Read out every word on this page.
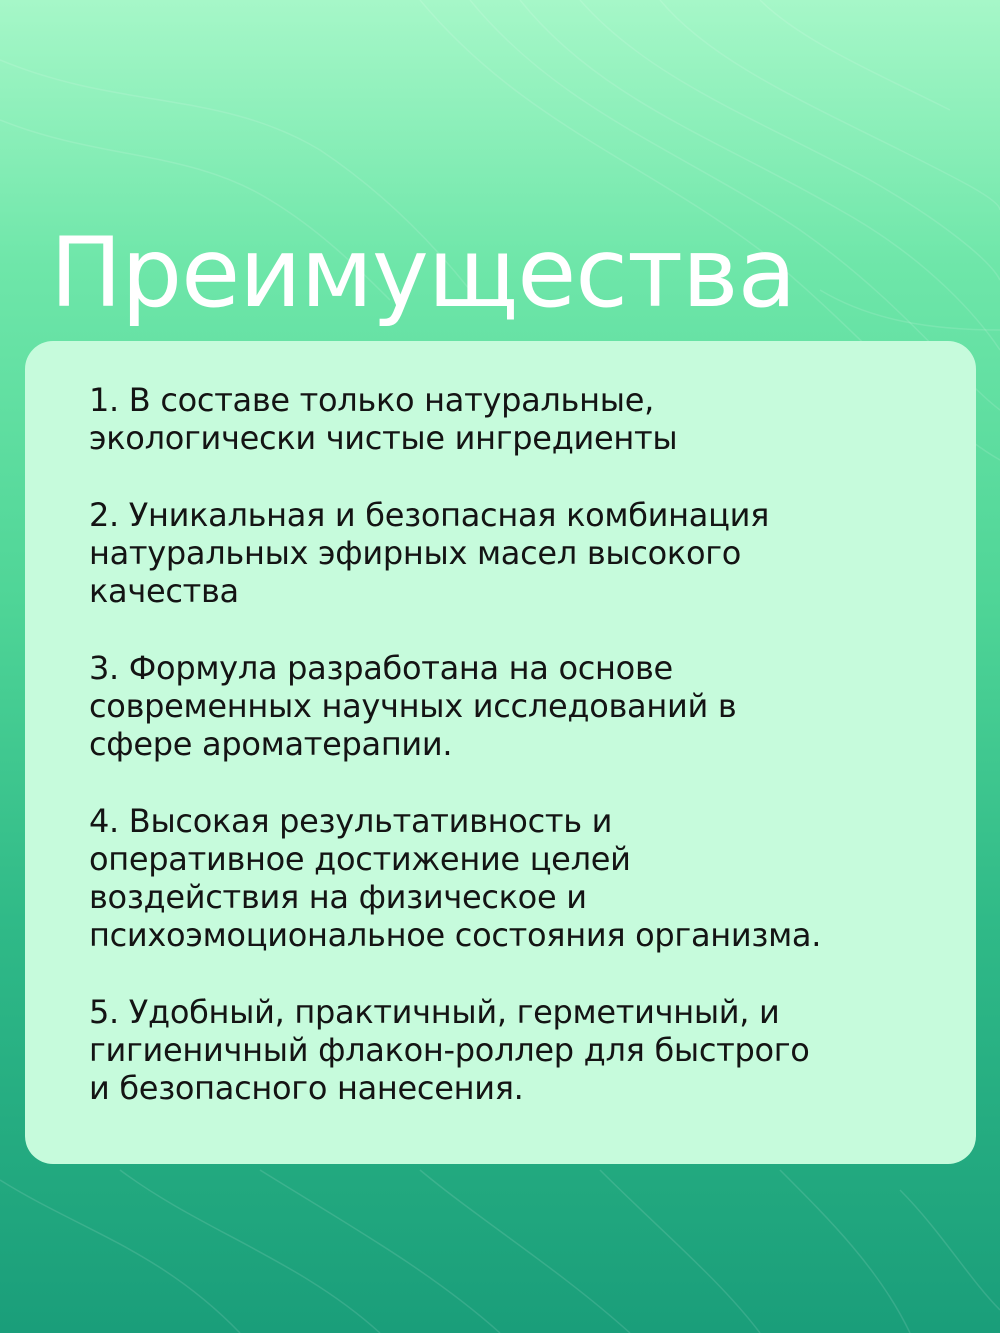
Преимущества

1. В составе только натуральные,
экологически чистые ингредиенты

2. Уникальная и безопасная комбинация
натуральных эфирных масел высокого
качества

3. Формула разработана на основе
современных научных исследований в
сфере ароматерапии.

4. Высокая результативность и
оперативное достижение целей
воздействия на физическое и
психоэмоциональное состояния организма.

5. Удобный, практичный, герметичный, и
гигиеничный флакон-роллер для быстрого
и безопасного нанесения.
